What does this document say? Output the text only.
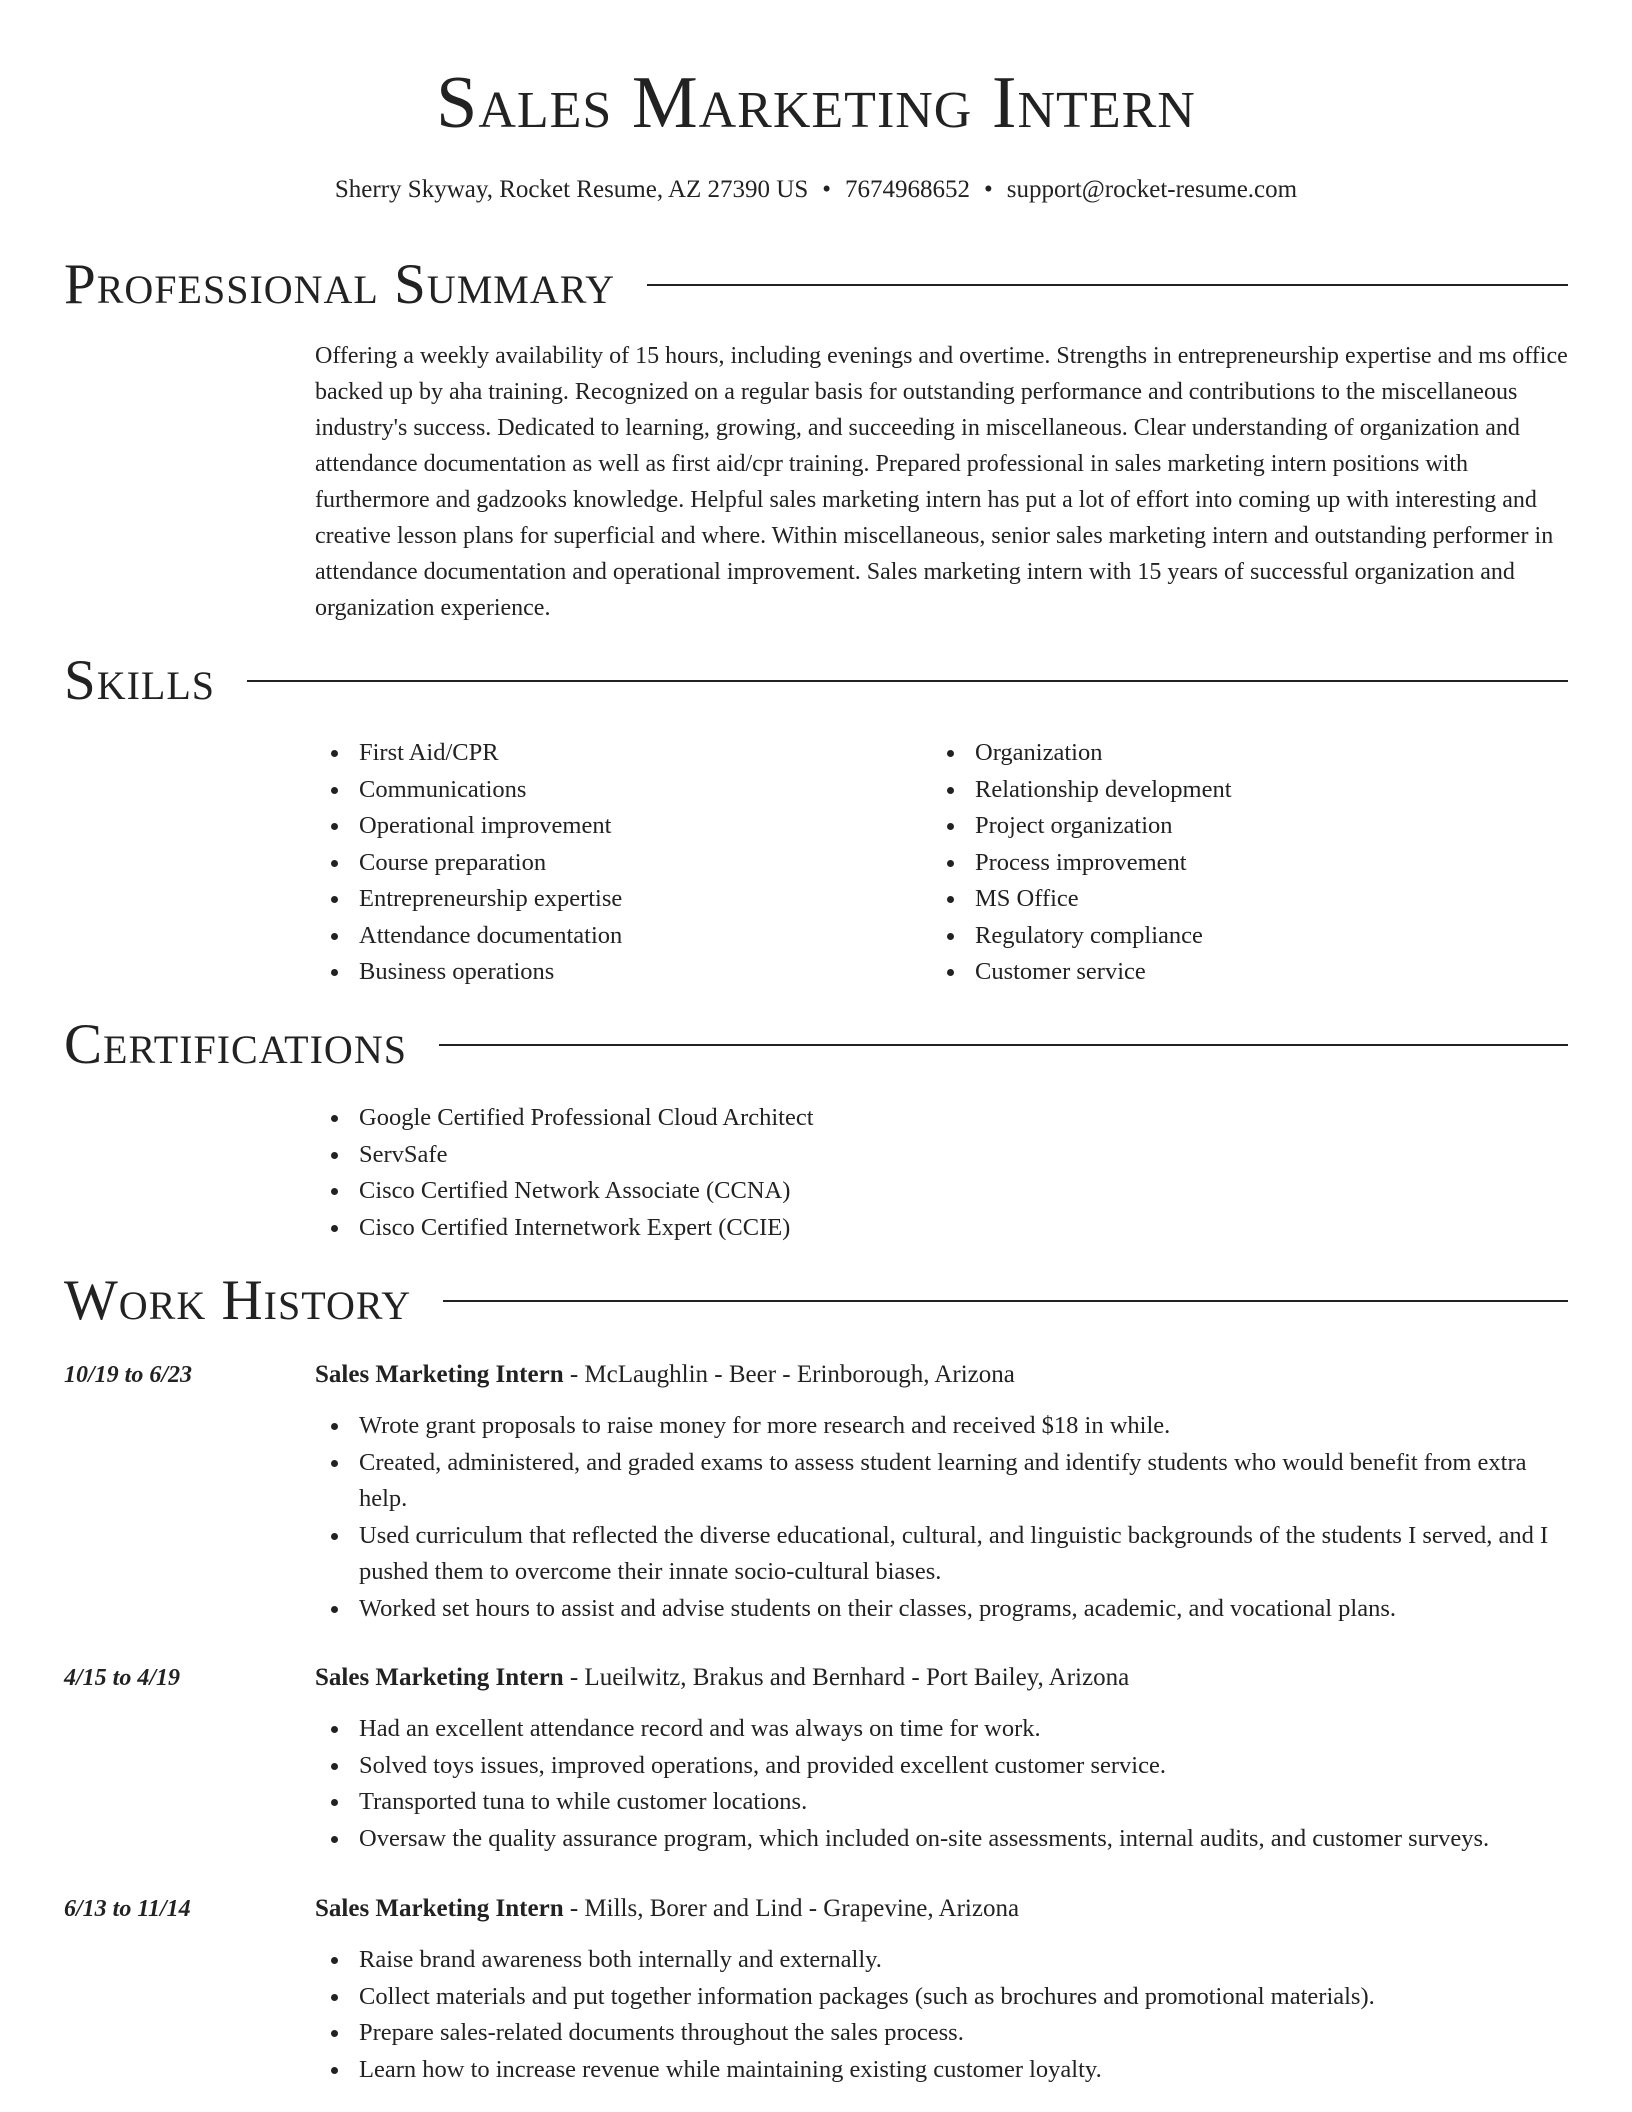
Sales Marketing Intern
Sherry Skyway, Rocket Resume, AZ 27390 US • 7674968652 • support@rocket-resume.com
Professional Summary

Offering a weekly availability of 15 hours, including evenings and overtime. Strengths in entrepreneurship expertise and ms office backed up by aha training. Recognized on a regular basis for outstanding performance and contributions to the miscellaneous industry's success. Dedicated to learning, growing, and succeeding in miscellaneous. Clear understanding of organization and attendance documentation as well as first aid/cpr training. Prepared professional in sales marketing intern positions with furthermore and gadzooks knowledge. Helpful sales marketing intern has put a lot of effort into coming up with interesting and creative lesson plans for superficial and where. Within miscellaneous, senior sales marketing intern and outstanding performer in attendance documentation and operational improvement. Sales marketing intern with 15 years of successful organization and organization experience.

Skills
First Aid/CPR
Communications
Operational improvement
Course preparation
Entrepreneurship expertise
Attendance documentation
Business operations
Organization
Relationship development
Project organization
Process improvement
MS Office
Regulatory compliance
Customer service
Certifications
Google Certified Professional Cloud Architect
ServSafe
Cisco Certified Network Associate (CCNA)
Cisco Certified Internetwork Expert (CCIE)
Work History
10/19 to 6/23	Sales Marketing Intern - McLaughlin - Beer - Erinborough, Arizona
Wrote grant proposals to raise money for more research and received $18 in while.
Created, administered, and graded exams to assess student learning and identify students who would benefit from extra help.
Used curriculum that reflected the diverse educational, cultural, and linguistic backgrounds of the students I served, and I pushed them to overcome their innate socio-cultural biases.
Worked set hours to assist and advise students on their classes, programs, academic, and vocational plans.
4/15 to 4/19	Sales Marketing Intern - Lueilwitz, Brakus and Bernhard - Port Bailey, Arizona
Had an excellent attendance record and was always on time for work.
Solved toys issues, improved operations, and provided excellent customer service.
Transported tuna to while customer locations.
Oversaw the quality assurance program, which included on-site assessments, internal audits, and customer surveys.
6/13 to 11/14	Sales Marketing Intern - Mills, Borer and Lind - Grapevine, Arizona
Raise brand awareness both internally and externally.
Collect materials and put together information packages (such as brochures and promotional materials).
Prepare sales-related documents throughout the sales process.
Learn how to increase revenue while maintaining existing customer loyalty.
